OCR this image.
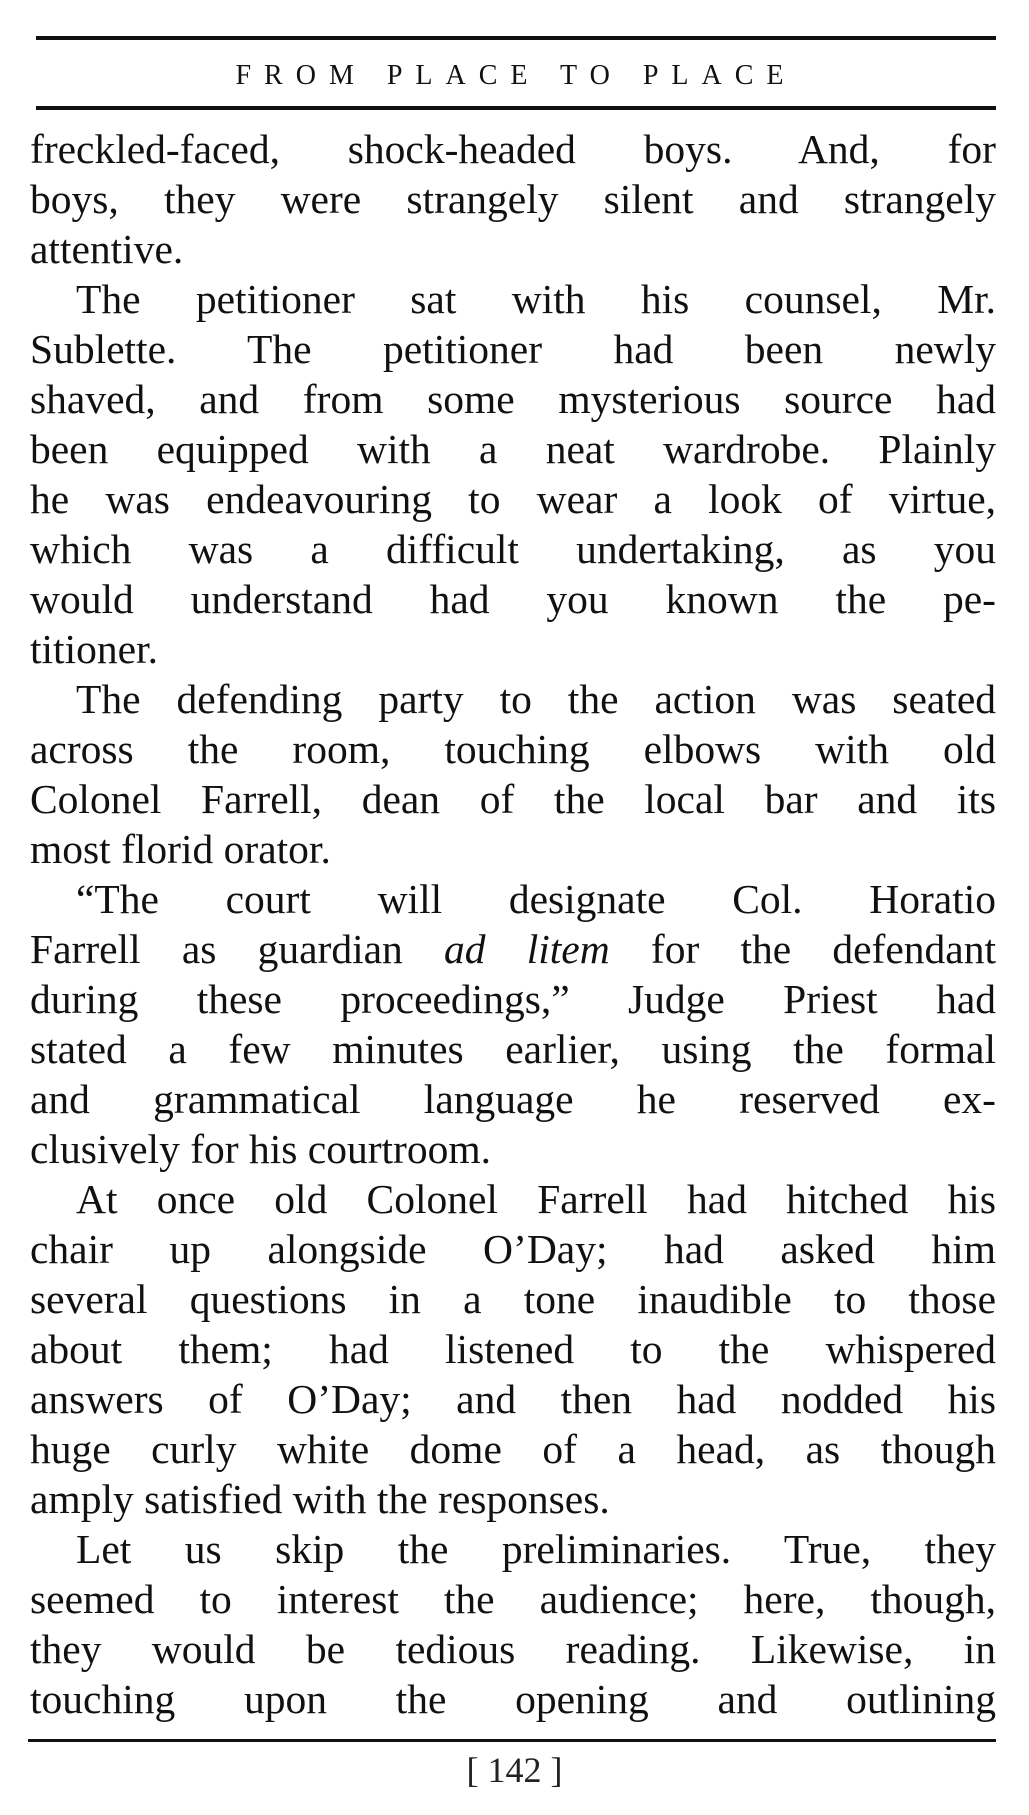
FROM PLACE TO PLACE
freckled-faced, shock-headed boys. And, for
boys, they were strangely silent and strangely
attentive.
The petitioner sat with his counsel, Mr.
Sublette. The petitioner had been newly
shaved, and from some mysterious source had
been equipped with a neat wardrobe. Plainly
he was endeavouring to wear a look of virtue,
which was a difficult undertaking, as you
would understand had you known the pe-
titioner.
The defending party to the action was seated
across the room, touching elbows with old
Colonel Farrell, dean of the local bar and its
most florid orator.
“The court will designate Col. Horatio
Farrell as guardian ad litem for the defendant
during these proceedings,” Judge Priest had
stated a few minutes earlier, using the formal
and grammatical language he reserved ex-
clusively for his courtroom.
At once old Colonel Farrell had hitched his
chair up alongside O’Day; had asked him
several questions in a tone inaudible to those
about them; had listened to the whispered
answers of O’Day; and then had nodded his
huge curly white dome of a head, as though
amply satisfied with the responses.
Let us skip the preliminaries. True, they
seemed to interest the audience; here, though,
they would be tedious reading. Likewise, in
touching upon the opening and outlining
[ 142 ]
